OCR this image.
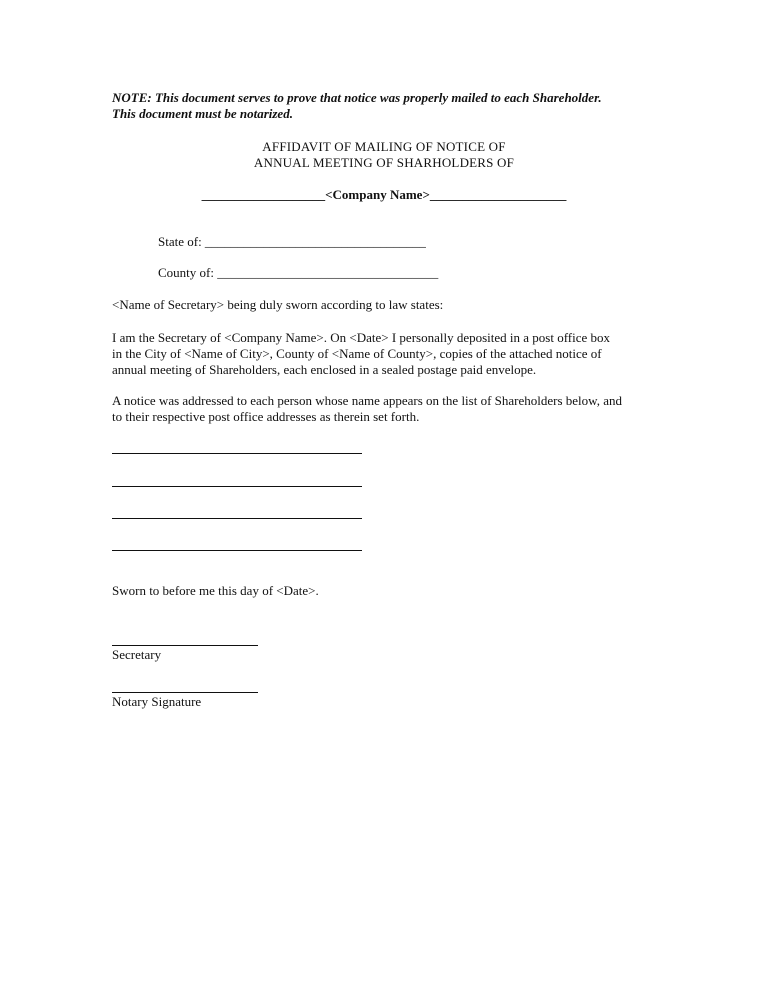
NOTE: This document serves to prove that notice was properly mailed to each Shareholder.
This document must be notarized.
AFFIDAVIT OF MAILING OF NOTICE OF
ANNUAL MEETING OF SHARHOLDERS OF
___________________<Company Name>_____________________
State of: __________________________________
County of: __________________________________
<Name of Secretary> being duly sworn according to law states:
I am the Secretary of <Company Name>. On <Date> I personally deposited in a post office box
in the City of <Name of City>, County of <Name of County>, copies of the attached notice of
annual meeting of Shareholders, each enclosed in a sealed postage paid envelope.
A notice was addressed to each person whose name appears on the list of Shareholders below, and
to their respective post office addresses as therein set forth.
Sworn to before me this day of <Date>.
Secretary
Notary Signature
